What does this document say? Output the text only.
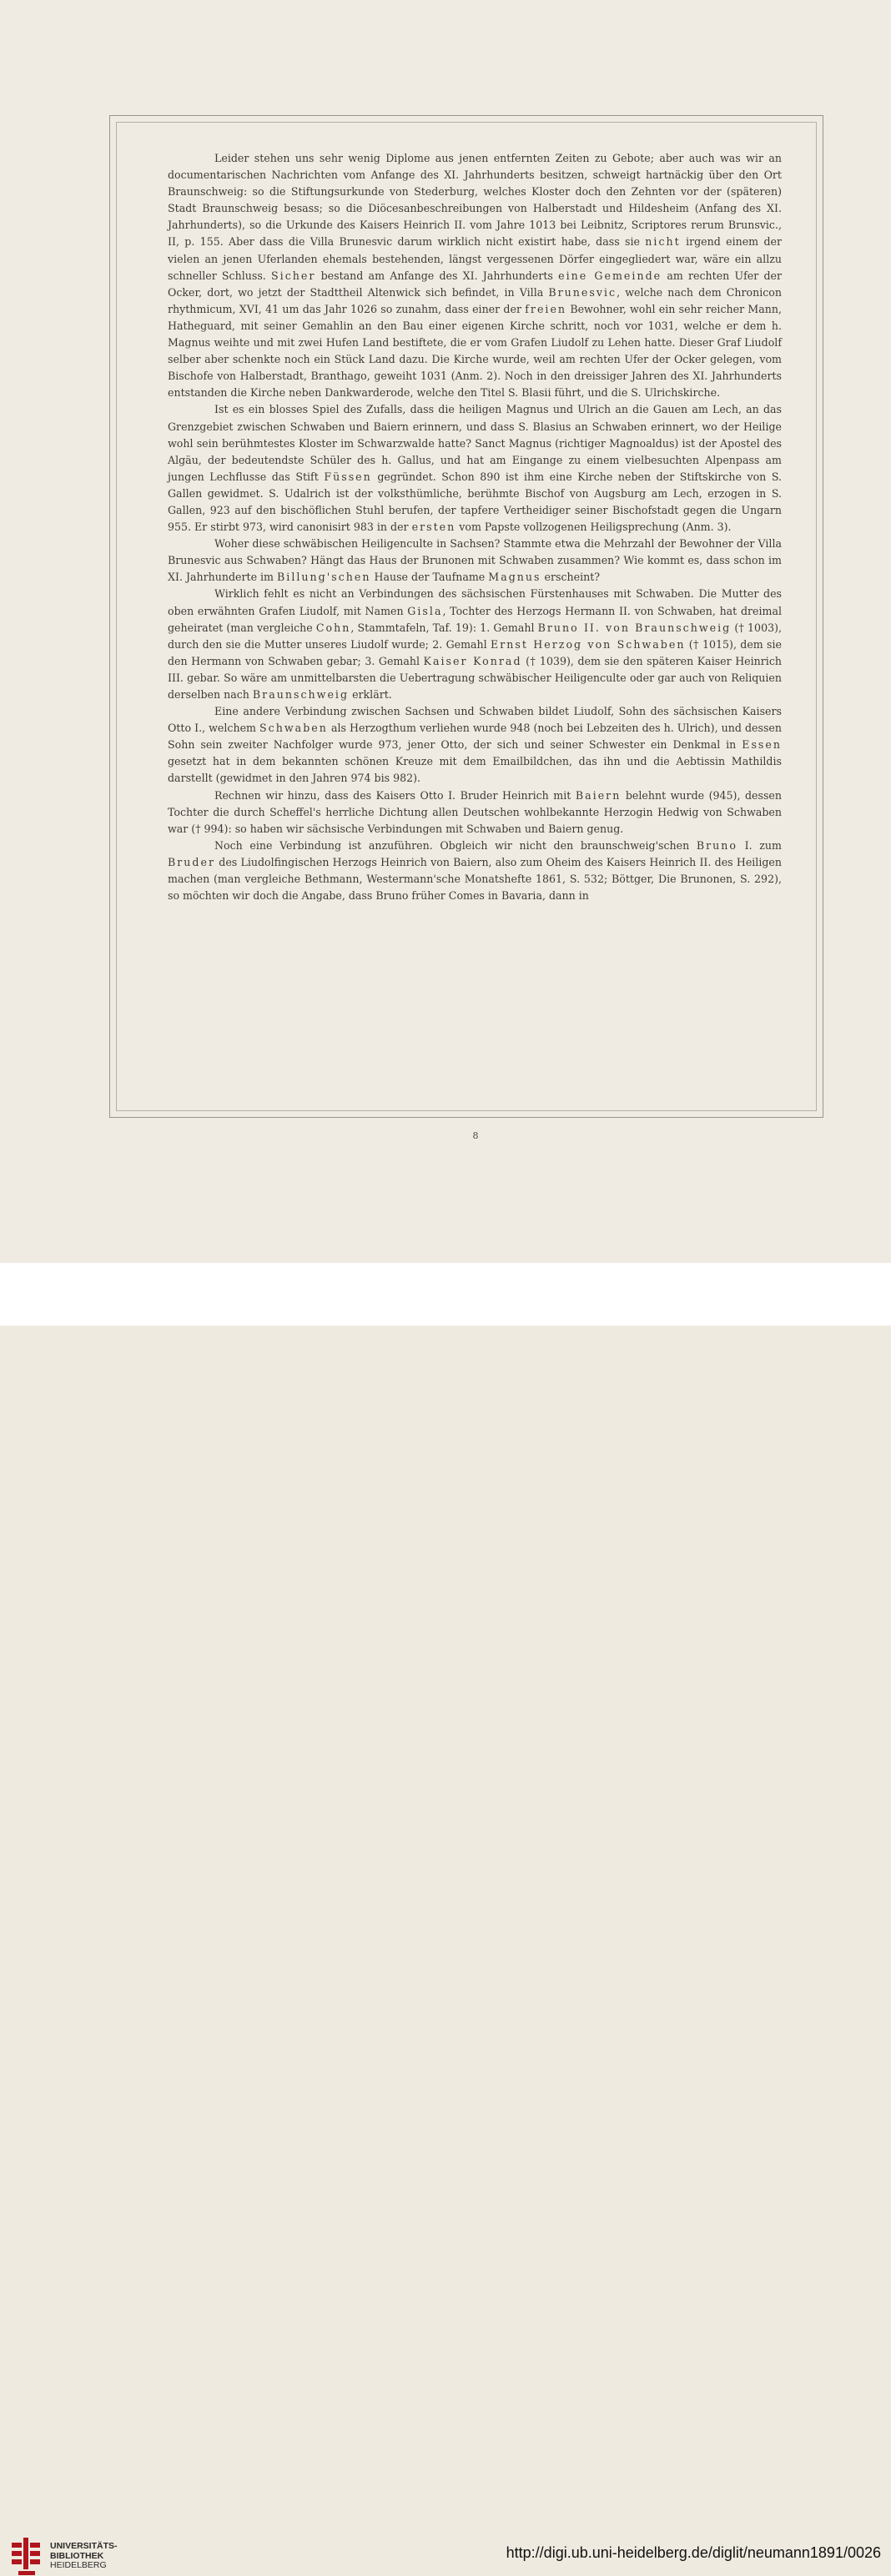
Leider stehen uns sehr wenig Diplome aus jenen entfernten Zeiten zu Gebote; aber auch was wir an documentarischen Nachrichten vom Anfange des XI. Jahrhunderts besitzen, schweigt hartnäckig über den Ort Braunschweig: so die Stiftungsurkunde von Stederburg, welches Kloster doch den Zehnten vor der (späteren) Stadt Braunschweig besass; so die Diöcesanbeschreibungen von Halberstadt und Hildesheim (Anfang des XI. Jahrhunderts), so die Urkunde des Kaisers Heinrich II. vom Jahre 1013 bei Leibnitz, Scriptores rerum Brunsvic., II, p. 155. Aber dass die Villa Brunesvic darum wirklich nicht existirt habe, dass sie nicht irgend einem der vielen an jenen Uferlanden ehemals bestehenden, längst vergessenen Dörfer eingegliedert war, wäre ein allzu schneller Schluss. Sicher bestand am Anfange des XI. Jahrhunderts eine Gemeinde am rechten Ufer der Ocker, dort, wo jetzt der Stadttheil Altenwick sich befindet, in Villa Brunesvic, welche nach dem Chronicon rhythmicum, XVI, 41 um das Jahr 1026 so zunahm, dass einer der freien Bewohner, wohl ein sehr reicher Mann, Hatheguard, mit seiner Gemahlin an den Bau einer eigenen Kirche schritt, noch vor 1031, welche er dem h. Magnus weihte und mit zwei Hufen Land bestiftete, die er vom Grafen Liudolf zu Lehen hatte. Dieser Graf Liudolf selber aber schenkte noch ein Stück Land dazu. Die Kirche wurde, weil am rechten Ufer der Ocker gelegen, vom Bischofe von Halberstadt, Branthago, geweiht 1031 (Anm. 2). Noch in den dreissiger Jahren des XI. Jahrhunderts entstanden die Kirche neben Dankwarderode, welche den Titel S. Blasii führt, und die S. Ulrichskirche.

Ist es ein blosses Spiel des Zufalls, dass die heiligen Magnus und Ulrich an die Gauen am Lech, an das Grenzgebiet zwischen Schwaben und Baiern erinnern, und dass S. Blasius an Schwaben erinnert, wo der Heilige wohl sein berühmtestes Kloster im Schwarzwalde hatte? Sanct Magnus (richtiger Magnoaldus) ist der Apostel des Algäu, der bedeutendste Schüler des h. Gallus, und hat am Eingange zu einem vielbesuchten Alpenpass am jungen Lechflusse das Stift Füssen gegründet. Schon 890 ist ihm eine Kirche neben der Stiftskirche von S. Gallen gewidmet. S. Udalrich ist der volksthümliche, berühmte Bischof von Augsburg am Lech, erzogen in S. Gallen, 923 auf den bischöflichen Stuhl berufen, der tapfere Vertheidiger seiner Bischofstadt gegen die Ungarn 955. Er stirbt 973, wird canonisirt 983 in der ersten vom Papste vollzogenen Heiligsprechung (Anm. 3).

Woher diese schwäbischen Heiligenculte in Sachsen? Stammte etwa die Mehrzahl der Bewohner der Villa Brunesvic aus Schwaben? Hängt das Haus der Brunonen mit Schwaben zusammen? Wie kommt es, dass schon im XI. Jahrhunderte im Billung'schen Hause der Taufname Magnus erscheint?

Wirklich fehlt es nicht an Verbindungen des sächsischen Fürstenhauses mit Schwaben. Die Mutter des oben erwähnten Grafen Liudolf, mit Namen Gisla, Tochter des Herzogs Hermann II. von Schwaben, hat dreimal geheiratet (man vergleiche Cohn, Stammtafeln, Taf. 19): 1. Gemahl Bruno II. von Braunschweig († 1003), durch den sie die Mutter unseres Liudolf wurde; 2. Gemahl Ernst Herzog von Schwaben († 1015), dem sie den Hermann von Schwaben gebar; 3. Gemahl Kaiser Konrad († 1039), dem sie den späteren Kaiser Heinrich III. gebar. So wäre am unmittelbarsten die Uebertragung schwäbischer Heiligenculte oder gar auch von Reliquien derselben nach Braunschweig erklärt.

Eine andere Verbindung zwischen Sachsen und Schwaben bildet Liudolf, Sohn des sächsischen Kaisers Otto I., welchem Schwaben als Herzogthum verliehen wurde 948 (noch bei Lebzeiten des h. Ulrich), und dessen Sohn sein zweiter Nachfolger wurde 973, jener Otto, der sich und seiner Schwester ein Denkmal in Essen gesetzt hat in dem bekannten schönen Kreuze mit dem Emailbildchen, das ihn und die Aebtissin Mathildis darstellt (gewidmet in den Jahren 974 bis 982).

Rechnen wir hinzu, dass des Kaisers Otto I. Bruder Heinrich mit Baiern belehnt wurde (945), dessen Tochter die durch Scheffel's herrliche Dichtung allen Deutschen wohlbekannte Herzogin Hedwig von Schwaben war († 994): so haben wir sächsische Verbindungen mit Schwaben und Baiern genug.

Noch eine Verbindung ist anzuführen. Obgleich wir nicht den braunschweig'schen Bruno I. zum Bruder des Liudolfingischen Herzogs Heinrich von Baiern, also zum Oheim des Kaisers Heinrich II. des Heiligen machen (man vergleiche Bethmann, Westermann'sche Monatshefte 1861, S. 532; Böttger, Die Brunonen, S. 292), so möchten wir doch die Angabe, dass Bruno früher Comes in Bavaria, dann in

8
UNIVERSITÄTS-
BIBLIOTHEK
HEIDELBERG
http://digi.ub.uni-heidelberg.de/diglit/neumann1891/0026
